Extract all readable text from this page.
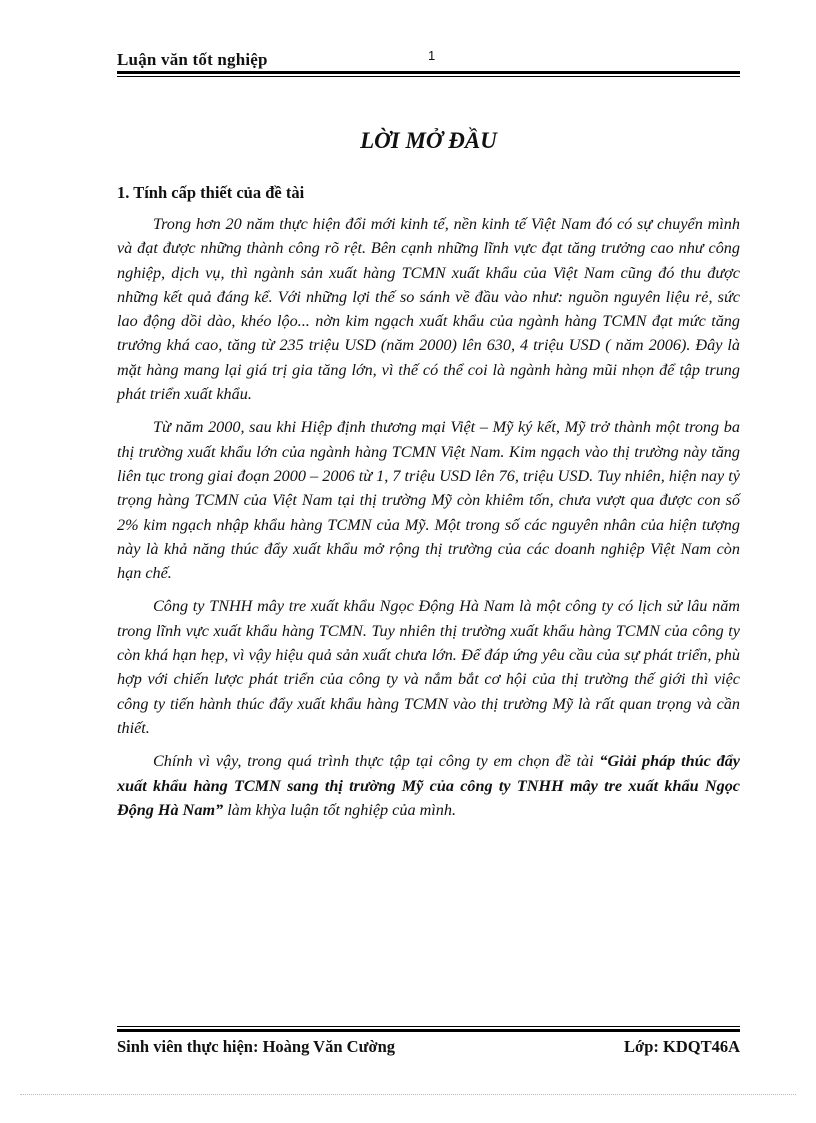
Luận văn tốt nghiệp	1
LỜI MỞ ĐẦU
1. Tính cấp thiết của đề tài

Trong hơn 20 năm thực hiện đổi mới kinh tế, nền kinh tế Việt Nam đó có sự chuyển mình và đạt được những thành công rõ rệt. Bên cạnh những lĩnh vực đạt tăng trưởng cao như công nghiệp, dịch vụ, thì ngành sản xuất hàng TCMN xuất khẩu của Việt Nam cũng đó thu được những kết quả đáng kể. Với những lợi thế so sánh về đầu vào như: nguồn nguyên liệu rẻ, sức lao động dồi dào, khéo lộo... nờn kim ngạch xuất khẩu của ngành hàng TCMN đạt mức tăng trưởng khá cao, tăng từ 235 triệu USD (năm 2000) lên 630, 4 triệu USD ( năm 2006). Đây là mặt hàng mang lại giá trị gia tăng lớn, vì thế có thể coi là ngành hàng mũi nhọn để tập trung phát triển xuất khẩu.

Từ năm 2000, sau khi Hiệp định thương mại Việt – Mỹ ký kết, Mỹ trở thành một trong ba thị trường xuất khẩu lớn của ngành hàng TCMN Việt Nam. Kim ngạch vào thị trường này tăng liên tục trong giai đoạn 2000 – 2006 từ 1, 7 triệu USD lên 76, triệu USD. Tuy nhiên, hiện nay tỷ trọng hàng TCMN của Việt Nam tại thị trường Mỹ còn khiêm tốn, chưa vượt qua được con số 2% kim ngạch nhập khẩu hàng TCMN của Mỹ. Một trong số các nguyên nhân của hiện tượng này là khả năng thúc đẩy xuất khẩu mở rộng thị trường của các doanh nghiệp Việt Nam còn hạn chế.

Công ty TNHH mây tre xuất khẩu Ngọc Động Hà Nam là một công ty có lịch sử lâu năm trong lĩnh vực xuất khẩu hàng TCMN. Tuy nhiên thị trường xuất khẩu hàng TCMN của công ty còn khá hạn hẹp, vì vậy hiệu quả sản xuất chưa lớn. Để đáp ứng yêu cầu của sự phát triển, phù hợp với chiến lược phát triển của công ty và nắm bắt cơ hội của thị trường thế giới thì việc công ty tiến hành thúc đẩy xuất khẩu hàng TCMN vào thị trường Mỹ là rất quan trọng và cần thiết.

Chính vì vậy, trong quá trình thực tập tại công ty em chọn đề tài “Giải pháp thúc đẩy xuất khẩu hàng TCMN sang thị trường Mỹ của công ty TNHH mây tre xuất khẩu Ngọc Động Hà Nam” làm khỳa luận tốt nghiệp của mình.

Sinh viên thực hiện: Hoàng Văn Cường	Lớp: KDQT46A
